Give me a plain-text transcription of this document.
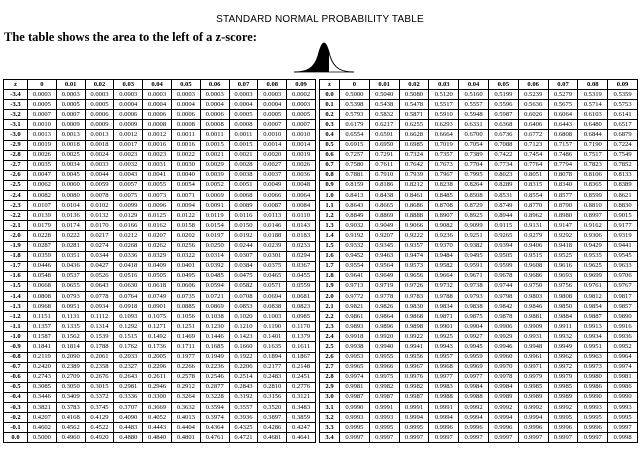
STANDARD NORMAL PROBABILITY TABLE
The table shows the area to the left of a z-score:
z	0	0.01	0.02	0.03	0.04	0.05	0.06	0.07	0.08	0.09
-3.4	0.0003	0.0003	0.0003	0.0003	0.0003	0.0003	0.0003	0.0003	0.0003	0.0002
-3.3	0.0005	0.0005	0.0005	0.0004	0.0004	0.0004	0.0004	0.0004	0.0004	0.0003
-3.2	0.0007	0.0007	0.0006	0.0006	0.0006	0.0006	0.0006	0.0005	0.0005	0.0005
-3.1	0.0010	0.0009	0.0009	0.0009	0.0008	0.0008	0.0008	0.0008	0.0007	0.0007
-3.0	0.0013	0.0013	0.0013	0.0012	0.0012	0.0011	0.0011	0.0011	0.0010	0.0010
-2.9	0.0019	0.0018	0.0018	0.0017	0.0016	0.0016	0.0015	0.0015	0.0014	0.0014
-2.8	0.0026	0.0025	0.0024	0.0023	0.0023	0.0022	0.0021	0.0021	0.0020	0.0019
-2.7	0.0035	0.0034	0.0033	0.0032	0.0031	0.0030	0.0029	0.0028	0.0027	0.0026
-2.6	0.0047	0.0045	0.0044	0.0043	0.0041	0.0040	0.0039	0.0038	0.0037	0.0036
-2.5	0.0062	0.0060	0.0059	0.0057	0.0055	0.0054	0.0052	0.0051	0.0049	0.0048
-2.4	0.0082	0.0080	0.0078	0.0075	0.0073	0.0071	0.0069	0.0068	0.0066	0.0064
-2.3	0.0107	0.0104	0.0102	0.0099	0.0096	0.0094	0.0091	0.0089	0.0087	0.0084
-2.2	0.0139	0.0136	0.0132	0.0129	0.0125	0.0122	0.0119	0.0116	0.0113	0.0110
-2.1	0.0179	0.0174	0.0170	0.0166	0.0162	0.0158	0.0154	0.0150	0.0146	0.0143
-2.0	0.0228	0.0222	0.0217	0.0212	0.0207	0.0202	0.0197	0.0192	0.0188	0.0183
-1.9	0.0287	0.0281	0.0274	0.0268	0.0262	0.0256	0.0250	0.0244	0.0239	0.0233
-1.8	0.0359	0.0351	0.0344	0.0336	0.0329	0.0322	0.0314	0.0307	0.0301	0.0294
-1.7	0.0446	0.0436	0.0427	0.0418	0.0409	0.0401	0.0392	0.0384	0.0375	0.0367
-1.6	0.0548	0.0537	0.0526	0.0516	0.0505	0.0495	0.0485	0.0475	0.0465	0.0455
-1.5	0.0668	0.0655	0.0643	0.0630	0.0618	0.0606	0.0594	0.0582	0.0571	0.0559
-1.4	0.0808	0.0793	0.0778	0.0764	0.0749	0.0735	0.0721	0.0708	0.0694	0.0681
-1.3	0.0968	0.0951	0.0934	0.0918	0.0901	0.0885	0.0869	0.0853	0.0838	0.0823
-1.2	0.1151	0.1131	0.1112	0.1093	0.1075	0.1056	0.1038	0.1020	0.1003	0.0985
-1.1	0.1357	0.1335	0.1314	0.1292	0.1271	0.1251	0.1230	0.1210	0.1190	0.1170
-1.0	0.1587	0.1562	0.1539	0.1515	0.1492	0.1469	0.1446	0.1423	0.1401	0.1379
-0.9	0.1841	0.1814	0.1788	0.1762	0.1736	0.1711	0.1685	0.1660	0.1635	0.1611
-0.8	0.2119	0.2090	0.2061	0.2033	0.2005	0.1977	0.1949	0.1922	0.1894	0.1867
-0.7	0.2420	0.2389	0.2358	0.2327	0.2296	0.2266	0.2236	0.2206	0.2177	0.2148
-0.6	0.2743	0.2709	0.2676	0.2643	0.2611	0.2578	0.2546	0.2514	0.2483	0.2451
-0.5	0.3085	0.3050	0.3015	0.2981	0.2946	0.2912	0.2877	0.2843	0.2810	0.2776
-0.4	0.3446	0.3409	0.3372	0.3336	0.3300	0.3264	0.3228	0.3192	0.3156	0.3121
-0.3	0.3821	0.3783	0.3745	0.3707	0.3669	0.3632	0.3594	0.3557	0.3520	0.3483
-0.2	0.4207	0.4168	0.4129	0.4090	0.4052	0.4013	0.3974	0.3936	0.3897	0.3859
-0.1	0.4602	0.4562	0.4522	0.4483	0.4443	0.4404	0.4364	0.4325	0.4286	0.4247
0.0	0.5000	0.4960	0.4920	0.4880	0.4840	0.4801	0.4761	0.4721	0.4681	0.4641
z	0	0.01	0.02	0.03	0.04	0.05	0.06	0.07	0.08	0.09
0.0	0.5000	0.5040	0.5080	0.5120	0.5160	0.5199	0.5239	0.5279	0.5319	0.5359
0.1	0.5398	0.5438	0.5478	0.5517	0.5557	0.5596	0.5636	0.5675	0.5714	0.5753
0.2	0.5793	0.5832	0.5871	0.5910	0.5948	0.5987	0.6026	0.6064	0.6103	0.6141
0.3	0.6179	0.6217	0.6255	0.6293	0.6331	0.6368	0.6406	0.6443	0.6480	0.6517
0.4	0.6554	0.6591	0.6628	0.6664	0.6700	0.6736	0.6772	0.6808	0.6844	0.6879
0.5	0.6915	0.6950	0.6985	0.7019	0.7054	0.7088	0.7123	0.7157	0.7190	0.7224
0.6	0.7257	0.7291	0.7324	0.7357	0.7389	0.7422	0.7454	0.7486	0.7517	0.7549
0.7	0.7580	0.7611	0.7642	0.7673	0.7704	0.7734	0.7764	0.7794	0.7823	0.7852
0.8	0.7881	0.7910	0.7939	0.7967	0.7995	0.8023	0.8051	0.8078	0.8106	0.8133
0.9	0.8159	0.8186	0.8212	0.8238	0.8264	0.8289	0.8315	0.8340	0.8365	0.8389
1.0	0.8413	0.8438	0.8461	0.8485	0.8508	0.8531	0.8554	0.8577	0.8599	0.8621
1.1	0.8643	0.8665	0.8686	0.8708	0.8729	0.8749	0.8770	0.8790	0.8810	0.8830
1.2	0.8849	0.8869	0.8888	0.8907	0.8925	0.8944	0.8962	0.8980	0.8997	0.9015
1.3	0.9032	0.9049	0.9066	0.9082	0.9099	0.9115	0.9131	0.9147	0.9162	0.9177
1.4	0.9192	0.9207	0.9222	0.9236	0.9251	0.9265	0.9279	0.9292	0.9306	0.9319
1.5	0.9332	0.9345	0.9357	0.9370	0.9382	0.9394	0.9406	0.9418	0.9429	0.9441
1.6	0.9452	0.9463	0.9474	0.9484	0.9495	0.9505	0.9515	0.9525	0.9535	0.9545
1.7	0.9554	0.9564	0.9573	0.9582	0.9591	0.9599	0.9608	0.9616	0.9625	0.9633
1.8	0.9641	0.9649	0.9656	0.9664	0.9671	0.9678	0.9686	0.9693	0.9699	0.9706
1.9	0.9713	0.9719	0.9726	0.9732	0.9738	0.9744	0.9750	0.9756	0.9761	0.9767
2.0	0.9772	0.9778	0.9783	0.9788	0.9793	0.9798	0.9803	0.9808	0.9812	0.9817
2.1	0.9821	0.9826	0.9830	0.9834	0.9838	0.9842	0.9846	0.9850	0.9854	0.9857
2.2	0.9861	0.9864	0.9868	0.9871	0.9875	0.9878	0.9881	0.9884	0.9887	0.9890
2.3	0.9893	0.9896	0.9898	0.9901	0.9904	0.9906	0.9909	0.9911	0.9913	0.9916
2.4	0.9918	0.9920	0.9922	0.9925	0.9927	0.9929	0.9931	0.9932	0.9934	0.9936
2.5	0.9938	0.9940	0.9941	0.9943	0.9945	0.9946	0.9948	0.9949	0.9951	0.9952
2.6	0.9953	0.9955	0.9956	0.9957	0.9959	0.9960	0.9961	0.9962	0.9963	0.9964
2.7	0.9965	0.9966	0.9967	0.9968	0.9969	0.9970	0.9971	0.9972	0.9973	0.9974
2.8	0.9974	0.9975	0.9976	0.9977	0.9977	0.9978	0.9979	0.9979	0.9980	0.9981
2.9	0.9981	0.9982	0.9982	0.9983	0.9984	0.9984	0.9985	0.9985	0.9986	0.9986
3.0	0.9987	0.9987	0.9987	0.9988	0.9988	0.9989	0.9989	0.9989	0.9990	0.9990
3.1	0.9990	0.9991	0.9991	0.9991	0.9992	0.9992	0.9992	0.9992	0.9993	0.9993
3.2	0.9993	0.9993	0.9994	0.9994	0.9994	0.9994	0.9994	0.9995	0.9995	0.9995
3.3	0.9995	0.9995	0.9995	0.9996	0.9996	0.9996	0.9996	0.9996	0.9996	0.9997
3.4	0.9997	0.9997	0.9997	0.9997	0.9997	0.9997	0.9997	0.9997	0.9997	0.9998
